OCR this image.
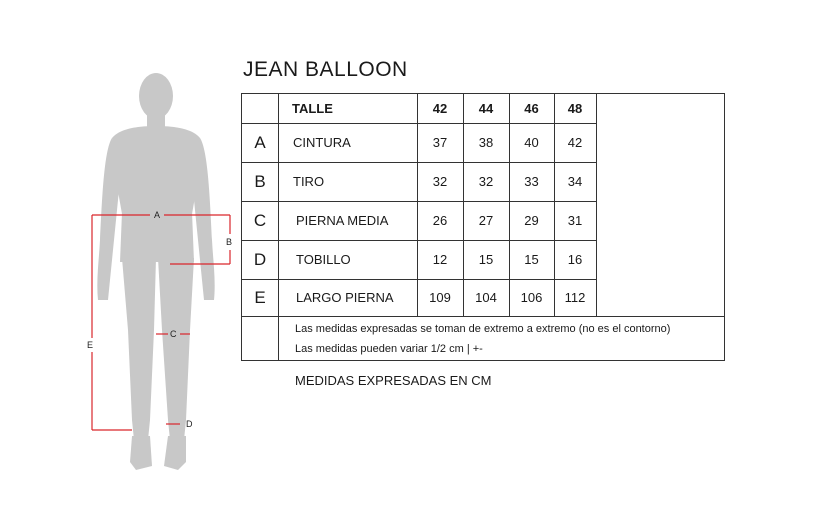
A
B
C
D
E
JEAN BALLOON
TALLE	42	44	46	48
A	CINTURA	37	38	40	42
B	TIRO	32	32	33	34
C	PIERNA MEDIA	26	27	29	31
D	TOBILLO	12	15	15	16
E	LARGO PIERNA	109	104	106	112
Las medidas expresadas se toman de extremo a extremo (no es el contorno)
Las medidas pueden variar 1/2 cm | +-
MEDIDAS EXPRESADAS EN CM
